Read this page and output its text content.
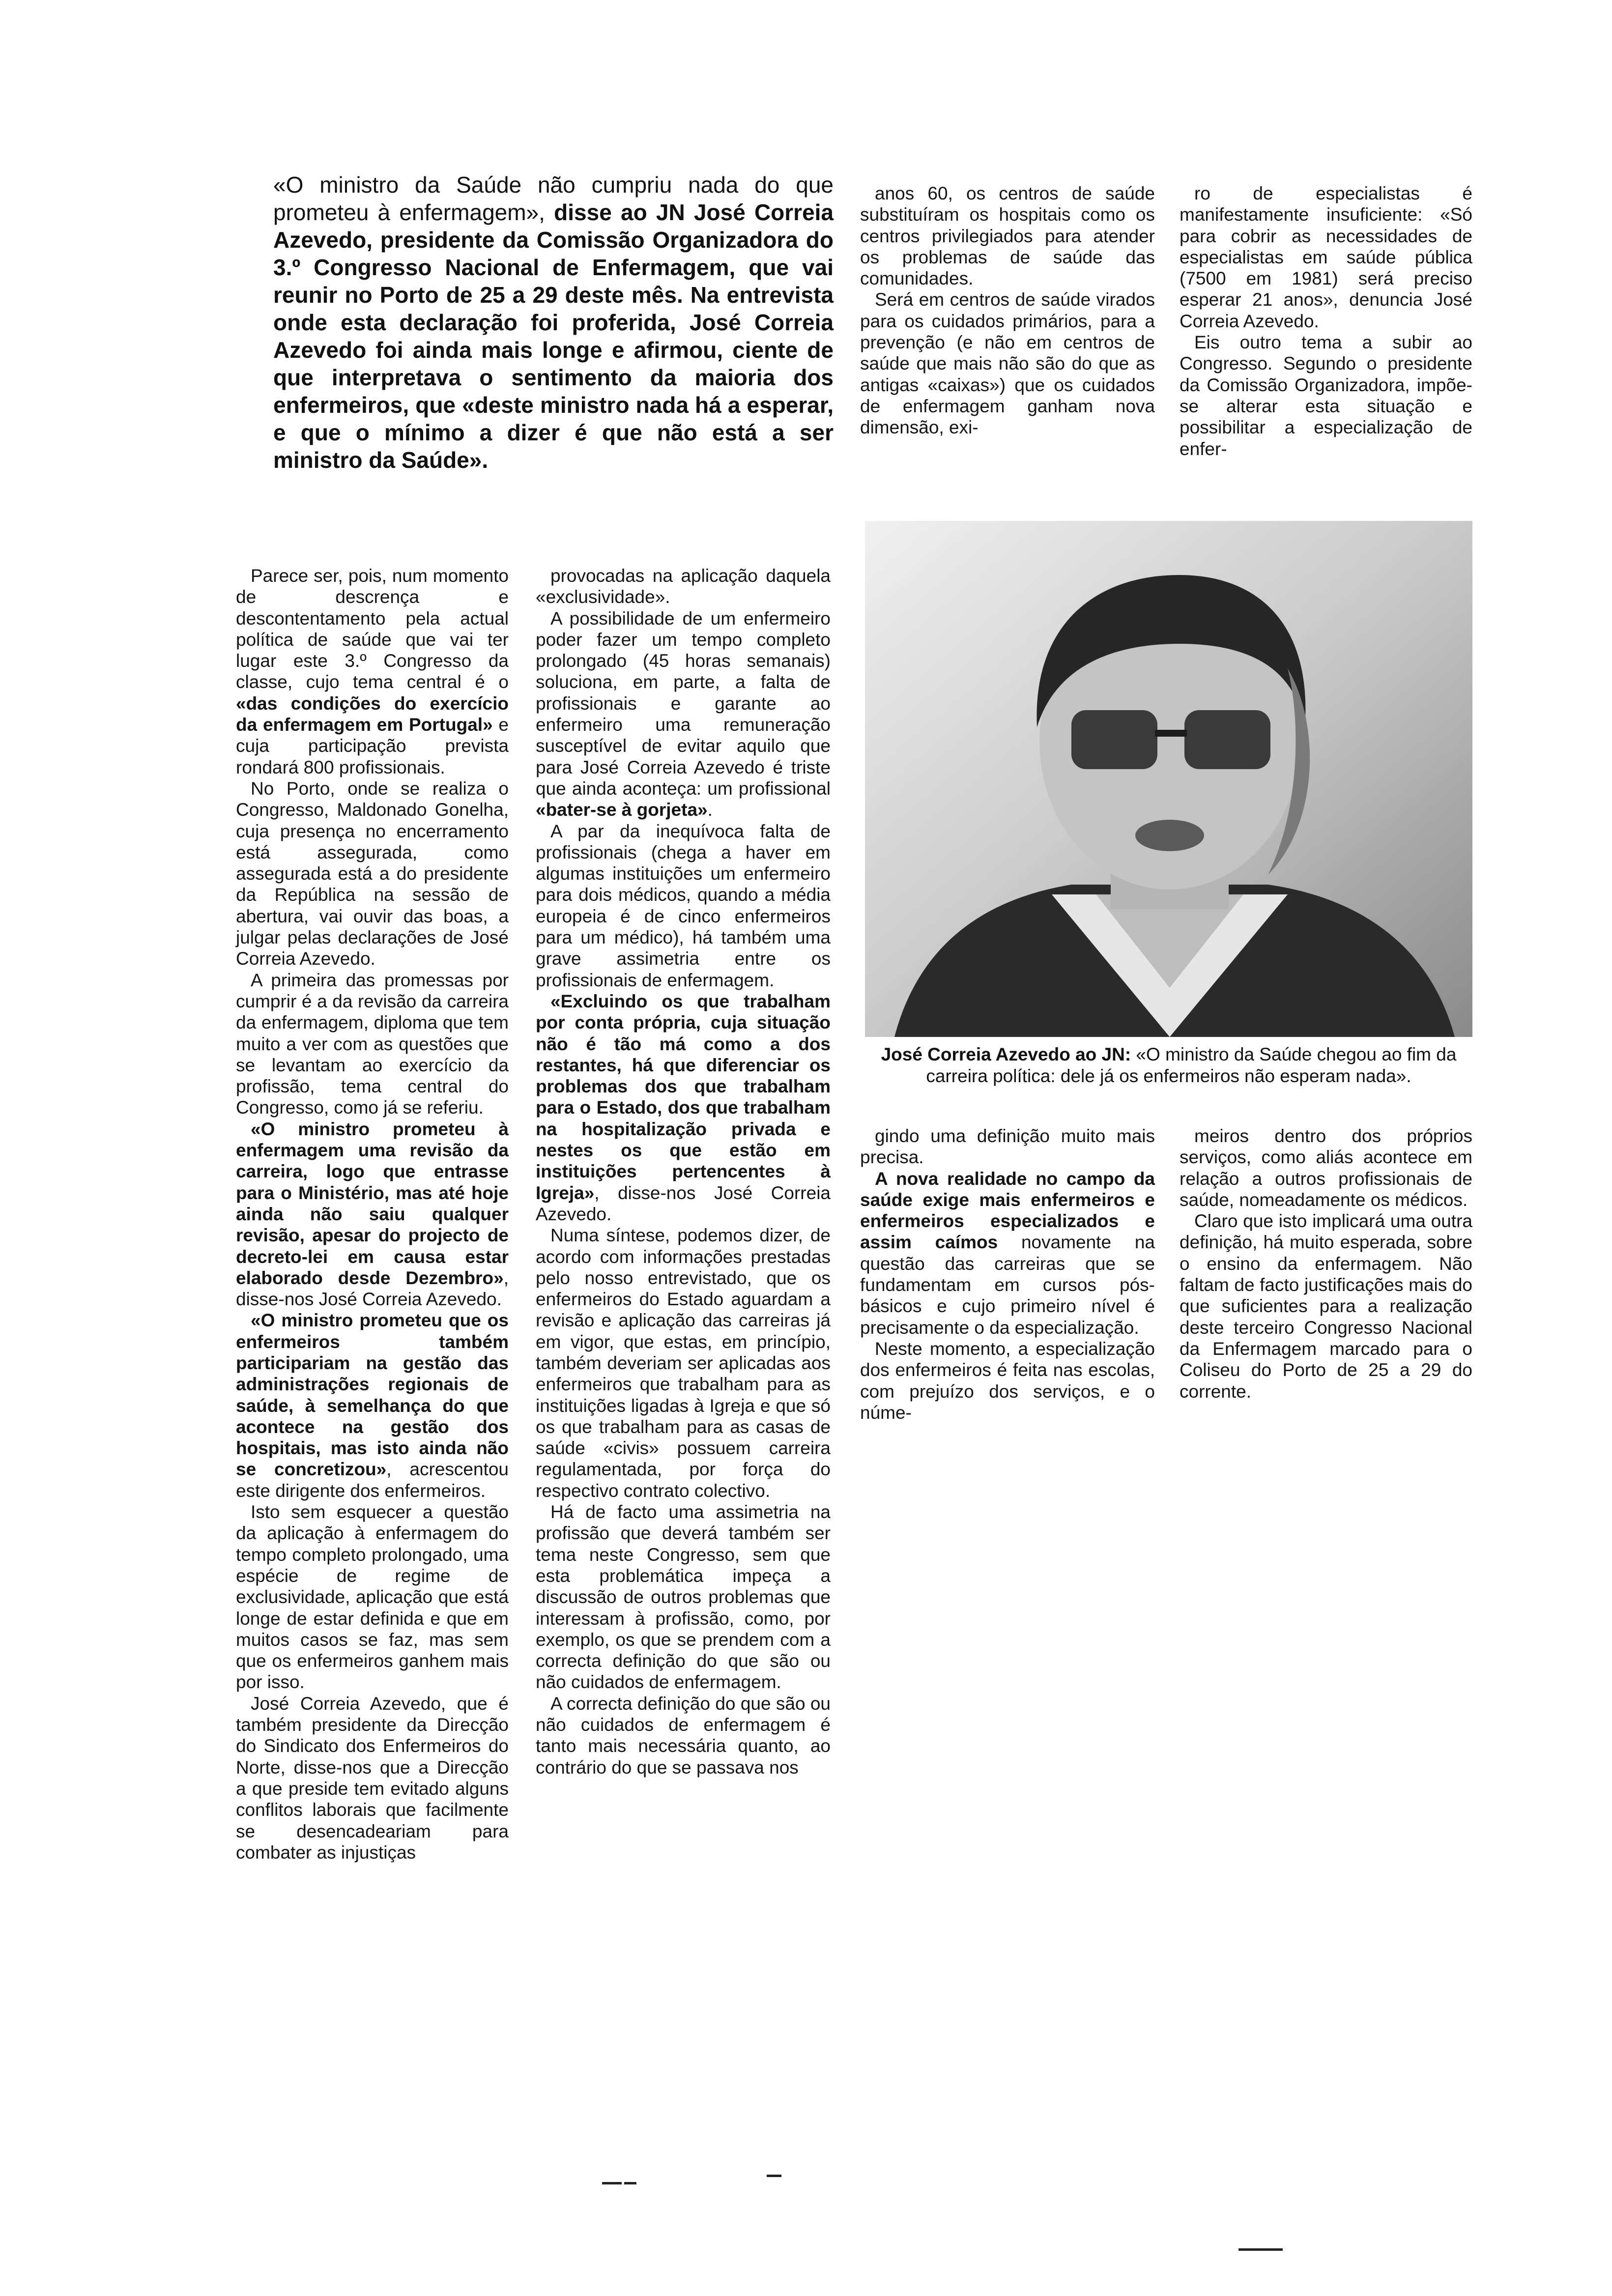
«O ministro da Saúde não cumpriu nada do que prometeu à enfermagem», disse ao JN José Correia Azevedo, presidente da Comissão Organizadora do 3.º Congresso Nacional de Enfermagem, que vai reunir no Porto de 25 a 29 deste mês. Na entrevista onde esta declaração foi proferida, José Correia Azevedo foi ainda mais longe e afirmou, ciente de que interpretava o sentimento da maioria dos enfermeiros, que «deste ministro nada há a esperar, e que o mínimo a dizer é que não está a ser ministro da Saúde».

Parece ser, pois, num momento de descrença e descontentamento pela actual política de saúde que vai ter lugar este 3.º Congresso da classe, cujo tema central é o «das condições do exercício da enfermagem em Portugal» e cuja participação prevista rondará 800 profissionais.

No Porto, onde se realiza o Congresso, Maldonado Gonelha, cuja presença no encerramento está assegurada, como assegurada está a do presidente da República na sessão de abertura, vai ouvir das boas, a julgar pelas declarações de José Correia Azevedo.

A primeira das promessas por cumprir é a da revisão da carreira da enfermagem, diploma que tem muito a ver com as questões que se levantam ao exercício da profissão, tema central do Congresso, como já se referiu.

«O ministro prometeu à enfermagem uma revisão da carreira, logo que entrasse para o Ministério, mas até hoje ainda não saiu qualquer revisão, apesar do projecto de decreto-lei em causa estar elaborado desde Dezembro», disse-nos José Correia Azevedo.

«O ministro prometeu que os enfermeiros também participariam na gestão das administrações regionais de saúde, à semelhança do que acontece na gestão dos hospitais, mas isto ainda não se concretizou», acrescentou este dirigente dos enfermeiros.

Isto sem esquecer a questão da aplicação à enfermagem do tempo completo prolongado, uma espécie de regime de exclusividade, aplicação que está longe de estar definida e que em muitos casos se faz, mas sem que os enfermeiros ganhem mais por isso.

José Correia Azevedo, que é também presidente da Direcção do Sindicato dos Enfermeiros do Norte, disse-nos que a Direcção a que preside tem evitado alguns conflitos laborais que facilmente se desencadeariam para combater as injustiças

provocadas na aplicação daquela «exclusividade».

A possibilidade de um enfermeiro poder fazer um tempo completo prolongado (45 horas semanais) soluciona, em parte, a falta de profissionais e garante ao enfermeiro uma remuneração susceptível de evitar aquilo que para José Correia Azevedo é triste que ainda aconteça: um profissional «bater-se à gorjeta».

A par da inequívoca falta de profissionais (chega a haver em algumas instituições um enfermeiro para dois médicos, quando a média europeia é de cinco enfermeiros para um médico), há também uma grave assimetria entre os profissionais de enfermagem.

«Excluindo os que trabalham por conta própria, cuja situação não é tão má como a dos restantes, há que diferenciar os problemas dos que trabalham para o Estado, dos que trabalham na hospitalização privada e nestes os que estão em instituições pertencentes à Igreja», disse-nos José Correia Azevedo.

Numa síntese, podemos dizer, de acordo com informações prestadas pelo nosso entrevistado, que os enfermeiros do Estado aguardam a revisão e aplicação das carreiras já em vigor, que estas, em princípio, também deveriam ser aplicadas aos enfermeiros que trabalham para as instituições ligadas à Igreja e que só os que trabalham para as casas de saúde «civis» possuem carreira regulamentada, por força do respectivo contrato colectivo.

Há de facto uma assimetria na profissão que deverá também ser tema neste Congresso, sem que esta problemática impeça a discussão de outros problemas que interessam à profissão, como, por exemplo, os que se prendem com a correcta definição do que são ou não cuidados de enfermagem.

A correcta definição do que são ou não cuidados de enfermagem é tanto mais necessária quanto, ao contrário do que se passava nos

anos 60, os centros de saúde substituíram os hospitais como os centros privilegiados para atender os problemas de saúde das comunidades.

Será em centros de saúde virados para os cuidados primários, para a prevenção (e não em centros de saúde que mais não são do que as antigas «caixas») que os cuidados de enfermagem ganham nova dimensão, exi-

ro de especialistas é manifestamente insuficiente: «Só para cobrir as necessidades de especialistas em saúde pública (7500 em 1981) será preciso esperar 21 anos», denuncia José Correia Azevedo.

Eis outro tema a subir ao Congresso. Segundo o presidente da Comissão Organizadora, impõe-se alterar esta situação e possibilitar a especialização de enfer-

José Correia Azevedo ao JN: «O ministro da Saúde chegou ao fim da carreira política: dele já os enfermeiros não esperam nada».

gindo uma definição muito mais precisa.

A nova realidade no campo da saúde exige mais enfermeiros e enfermeiros especializados e assim caímos novamente na questão das carreiras que se fundamentam em cursos pós-básicos e cujo primeiro nível é precisamente o da especialização.

Neste momento, a especialização dos enfermeiros é feita nas escolas, com prejuízo dos serviços, e o núme-

meiros dentro dos próprios serviços, como aliás acontece em relação a outros profissionais de saúde, nomeadamente os médicos.

Claro que isto implicará uma outra definição, há muito esperada, sobre o ensino da enfermagem. Não faltam de facto justificações mais do que suficientes para a realização deste terceiro Congresso Nacional da Enfermagem marcado para o Coliseu do Porto de 25 a 29 do corrente.
